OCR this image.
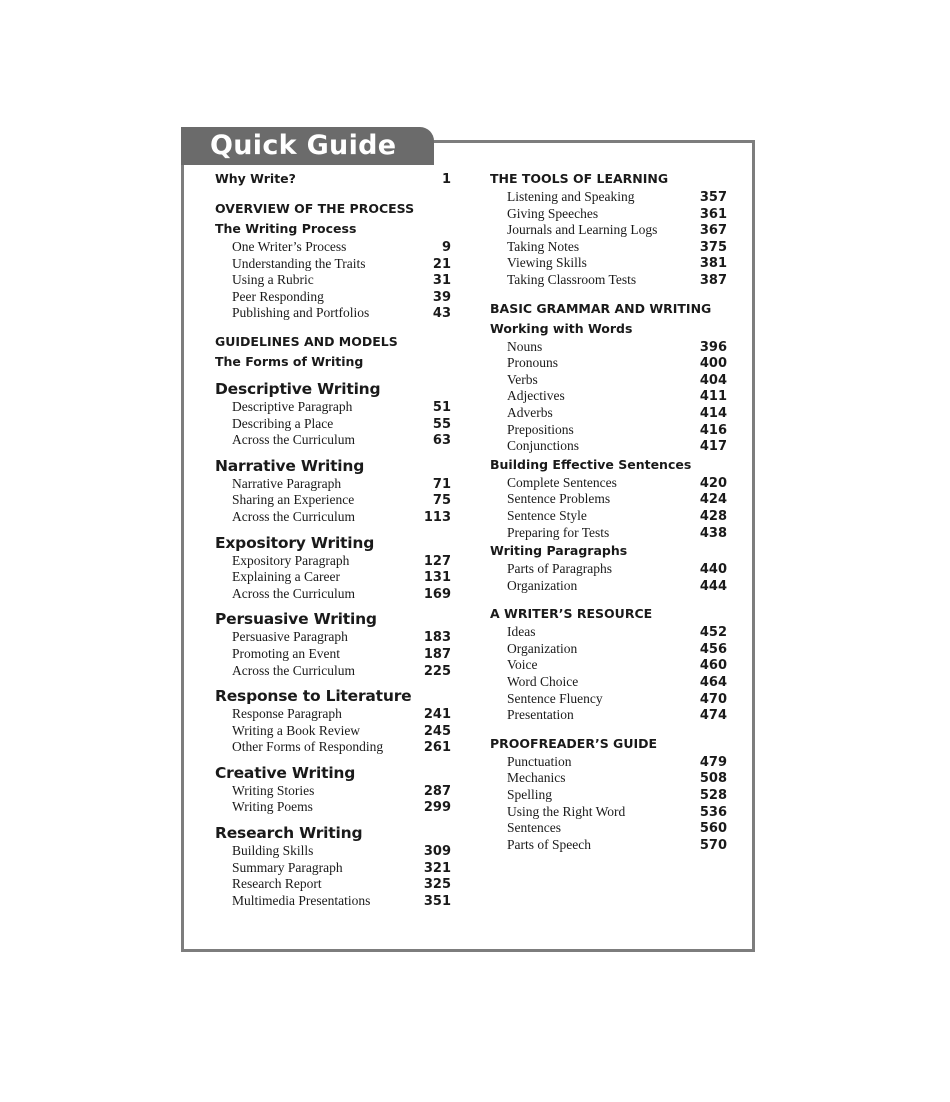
Quick Guide
Why Write?	1
OVERVIEW OF THE PROCESS
The Writing Process
One Writer’s Process	9
Understanding the Traits	21
Using a Rubric	31
Peer Responding	39
Publishing and Portfolios	43
GUIDELINES AND MODELS
The Forms of Writing
Descriptive Writing
Descriptive Paragraph	51
Describing a Place	55
Across the Curriculum	63
Narrative Writing
Narrative Paragraph	71
Sharing an Experience	75
Across the Curriculum	113
Expository Writing
Expository Paragraph	127
Explaining a Career	131
Across the Curriculum	169
Persuasive Writing
Persuasive Paragraph	183
Promoting an Event	187
Across the Curriculum	225
Response to Literature
Response Paragraph	241
Writing a Book Review	245
Other Forms of Responding	261
Creative Writing
Writing Stories	287
Writing Poems	299
Research Writing
Building Skills	309
Summary Paragraph	321
Research Report	325
Multimedia Presentations	351
THE TOOLS OF LEARNING
Listening and Speaking	357
Giving Speeches	361
Journals and Learning Logs	367
Taking Notes	375
Viewing Skills	381
Taking Classroom Tests	387
BASIC GRAMMAR AND WRITING
Working with Words
Nouns	396
Pronouns	400
Verbs	404
Adjectives	411
Adverbs	414
Prepositions	416
Conjunctions	417
Building Effective Sentences
Complete Sentences	420
Sentence Problems	424
Sentence Style	428
Preparing for Tests	438
Writing Paragraphs
Parts of Paragraphs	440
Organization	444
A WRITER’S RESOURCE
Ideas	452
Organization	456
Voice	460
Word Choice	464
Sentence Fluency	470
Presentation	474
PROOFREADER’S GUIDE
Punctuation	479
Mechanics	508
Spelling	528
Using the Right Word	536
Sentences	560
Parts of Speech	570
